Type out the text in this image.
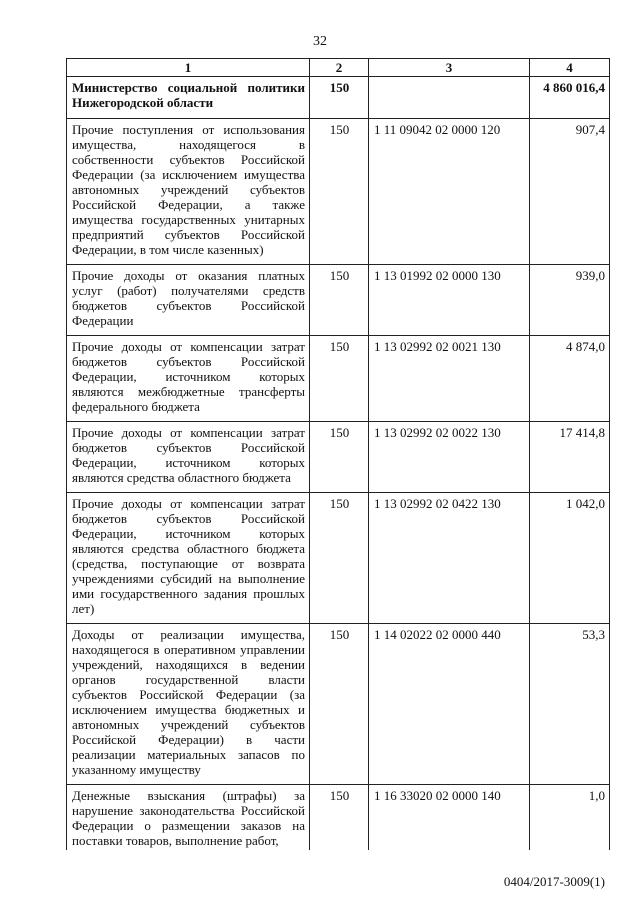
32
1	2	3	4
Министерство социальной политики Нижегородской области	150		4 860 016,4
Прочие поступления от использования имущества, находящегося в собственности субъектов Российской Федерации (за исключением имущества автономных учреждений субъектов Российской Федерации, а также имущества государственных унитарных предприятий субъектов Российской Федерации, в том числе казенных)	150	1 11 09042 02 0000 120	907,4
Прочие доходы от оказания платных услуг (работ) получателями средств бюджетов субъектов Российской Федерации	150	1 13 01992 02 0000 130	939,0
Прочие доходы от компенсации затрат бюджетов субъектов Российской Федерации, источником которых являются межбюджетные трансферты федерального бюджета	150	1 13 02992 02 0021 130	4 874,0
Прочие доходы от компенсации затрат бюджетов субъектов Российской Федерации, источником которых являются средства областного бюджета	150	1 13 02992 02 0022 130	17 414,8
Прочие доходы от компенсации затрат бюджетов субъектов Российской Федерации, источником которых являются средства областного бюджета (средства, поступающие от возврата учреждениями субсидий на выполнение ими государственного задания прошлых лет)	150	1 13 02992 02 0422 130	1 042,0
Доходы от реализации имущества, находящегося в оперативном управлении учреждений, находящихся в ведении органов государственной власти субъектов Российской Федерации (за исключением имущества бюджетных и автономных учреждений субъектов Российской Федерации) в части реализации материальных запасов по указанному имуществу	150	1 14 02022 02 0000 440	53,3
Денежные взыскания (штрафы) за нарушение законодательства Российской Федерации о размещении заказов на поставки товаров, выполнение работ,	150	1 16 33020 02 0000 140	1,0
0404/2017-3009(1)
